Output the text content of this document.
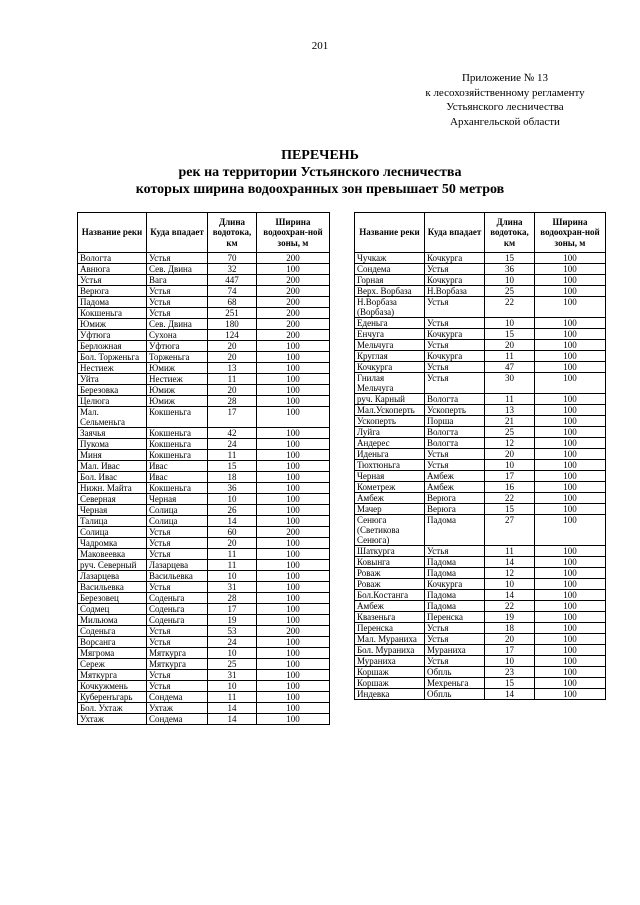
201
Приложение № 13
к лесохозяйственному регламенту
Устьянского лесничества
Архангельской области
ПЕРЕЧЕНЬ
рек на территории Устьянского лесничества
которых ширина водоохранных зон превышает 50 метров
Название реки	Куда впадает	Длина водотока, км	Ширина водоохран-ной зоны, м
Вологта	Устья	70	200
Авнюга	Сев. Двина	32	100
Устья	Вага	447	200
Верюга	Устья	74	200
Падома	Устья	68	200
Кокшеньга	Устья	251	200
Юмиж	Сев. Двина	180	200
Уфтюга	Сухона	124	200
Берложная	Уфтюга	20	100
Бол. Торженьга	Торженьга	20	100
Нестиеж	Юмиж	13	100
Уйта	Нестиеж	11	100
Березовка	Юмиж	20	100
Целюга	Юмиж	28	100
Мал. Сельменьга	Кокшеньга	17	100
Заячья	Кокшеньга	42	100
Пукома	Кокшеньга	24	100
Миня	Кокшеньга	11	100
Мал. Ивас	Ивас	15	100
Бол. Ивас	Ивас	18	100
Нижн. Майта	Кокшеньга	36	100
Северная	Черная	10	100
Черная	Солица	26	100
Талица	Солица	14	100
Солица	Устья	60	200
Чадромка	Устья	20	100
Маковеевка	Устья	11	100
руч. Северный	Лазарцева	11	100
Лазарцева	Васильевка	10	100
Васильевка	Устья	31	100
Березовец	Соденьга	28	100
Содмец	Соденьга	17	100
Мильюма	Соденьга	19	100
Соденьга	Устья	53	200
Ворсанга	Устья	24	100
Мягрома	Мяткурга	10	100
Сереж	Мяткурга	25	100
Мяткурга	Устья	31	100
Кочкужмень	Устья	10	100
Куберенъгарь	Сондема	11	100
Бол. Ухтаж	Ухтаж	14	100
Ухтаж	Сондема	14	100
Название реки	Куда впадает	Длина водотока, км	Ширина водоохран-ной зоны, м
Чучкаж	Кочкурга	15	100
Сондема	Устья	36	100
Горная	Кочкурга	10	100
Верх. Ворбаза	Н.Ворбаза	25	100
Н.Ворбаза (Ворбаза)	Устья	22	100
Еденьга	Устья	10	100
Енчуга	Кочкурга	15	100
Мельчуга	Устья	20	100
Круглая	Кочкурга	11	100
Кочкурга	Устья	47	100
Гнилая Мельчуга	Устья	30	100
руч. Карный	Вологта	11	100
Мал.Ускоперть	Ускоперть	13	100
Ускоперть	Порша	21	100
Луйга	Вологта	25	100
Андерес	Вологта	12	100
Иденьга	Устья	20	100
Тюхтюньга	Устья	10	100
Черная	Амбеж	17	100
Кометреж	Амбеж	16	100
Амбеж	Верюга	22	100
Мачер	Верюга	15	100
Сенюга (Светикова Сенюга)	Падома	27	100
Шаткурга	Устья	11	100
Ковынга	Падома	14	100
Роваж	Падома	12	100
Роваж	Кочкурга	10	100
Бол.Костанга	Падома	14	100
Амбеж	Падома	22	100
Квазеньга	Перенска	19	100
Перенска	Устья	18	100
Мал. Мураниха	Устья	20	100
Бол. Мураниха	Мураниха	17	100
Мураниха	Устья	10	100
Коршаж	Обпль	23	100
Коршаж	Мехреньга	15	100
Индевка	Обпль	14	100
